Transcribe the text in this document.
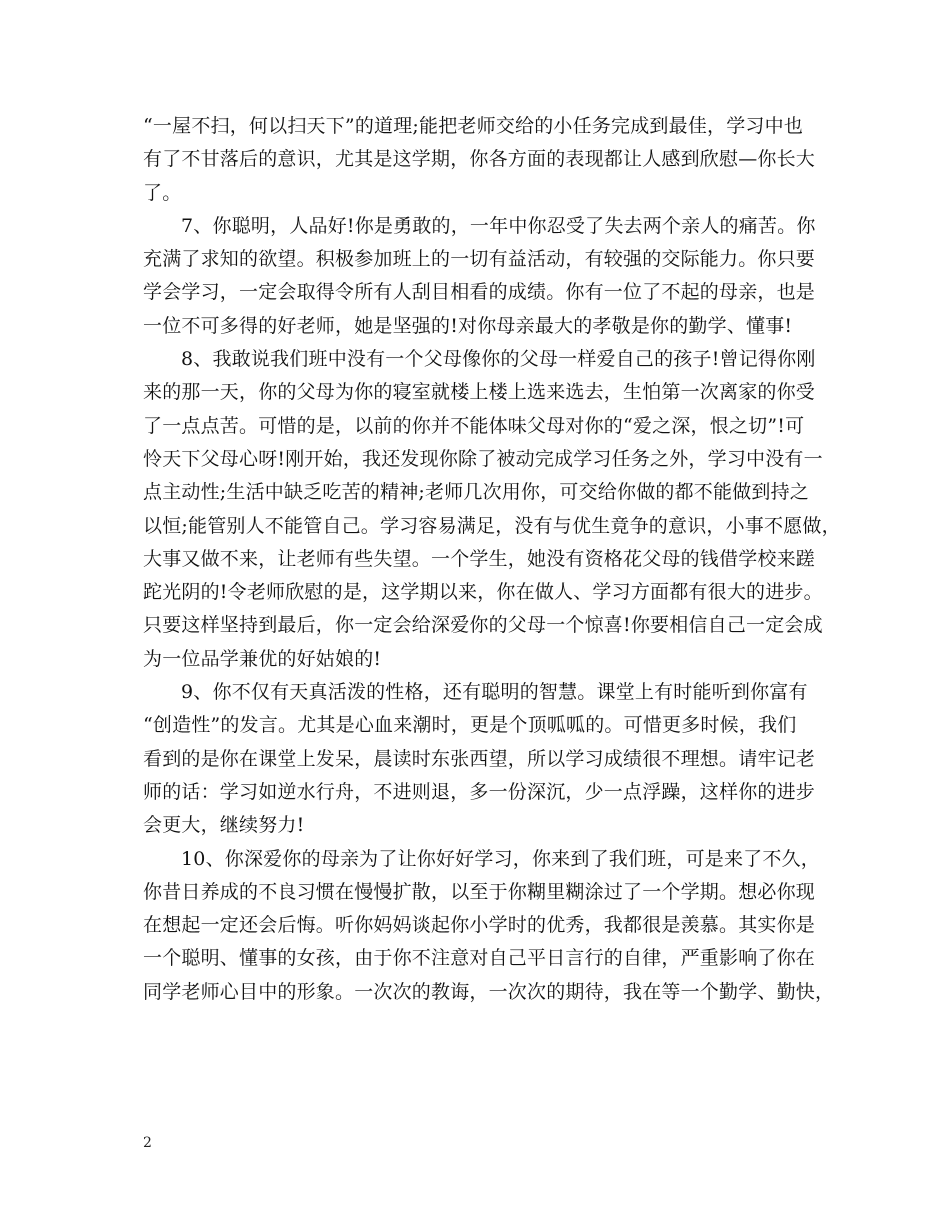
“一屋不扫，何以扫天下”的道理;能把老师交给的小任务完成到最佳，学习中也
有了不甘落后的意识，尤其是这学期，你各方面的表现都让人感到欣慰—你长大
了。

7、你聪明，人品好!你是勇敢的，一年中你忍受了失去两个亲人的痛苦。你
充满了求知的欲望。积极参加班上的一切有益活动，有较强的交际能力。你只要
学会学习，一定会取得令所有人刮目相看的成绩。你有一位了不起的母亲，也是
一位不可多得的好老师，她是坚强的!对你母亲最大的孝敬是你的勤学、懂事!

8、我敢说我们班中没有一个父母像你的父母一样爱自己的孩子!曾记得你刚
来的那一天，你的父母为你的寝室就楼上楼上选来选去，生怕第一次离家的你受
了一点点苦。可惜的是，以前的你并不能体味父母对你的“爱之深，恨之切”!可
怜天下父母心呀!刚开始，我还发现你除了被动完成学习任务之外，学习中没有一
点主动性;生活中缺乏吃苦的精神;老师几次用你，可交给你做的都不能做到持之
以恒;能管别人不能管自己。学习容易满足，没有与优生竟争的意识，小事不愿做，
大事又做不来，让老师有些失望。一个学生，她没有资格花父母的钱借学校来蹉
跎光阴的!令老师欣慰的是，这学期以来，你在做人、学习方面都有很大的进步。
只要这样坚持到最后，你一定会给深爱你的父母一个惊喜!你要相信自己一定会成
为一位品学兼优的好姑娘的!

9、你不仅有天真活泼的性格，还有聪明的智慧。课堂上有时能听到你富有
“创造性”的发言。尤其是心血来潮时，更是个顶呱呱的。可惜更多时候，我们
看到的是你在课堂上发呆，晨读时东张西望，所以学习成绩很不理想。请牢记老
师的话：学习如逆水行舟，不进则退，多一份深沉，少一点浮躁，这样你的进步
会更大，继续努力!

10、你深爱你的母亲为了让你好好学习，你来到了我们班，可是来了不久，
你昔日养成的不良习惯在慢慢扩散，以至于你糊里糊涂过了一个学期。想必你现
在想起一定还会后悔。听你妈妈谈起你小学时的优秀，我都很是羡慕。其实你是
一个聪明、懂事的女孩，由于你不注意对自己平日言行的自律，严重影响了你在
同学老师心目中的形象。一次次的教诲，一次次的期待，我在等一个勤学、勤快，

2
